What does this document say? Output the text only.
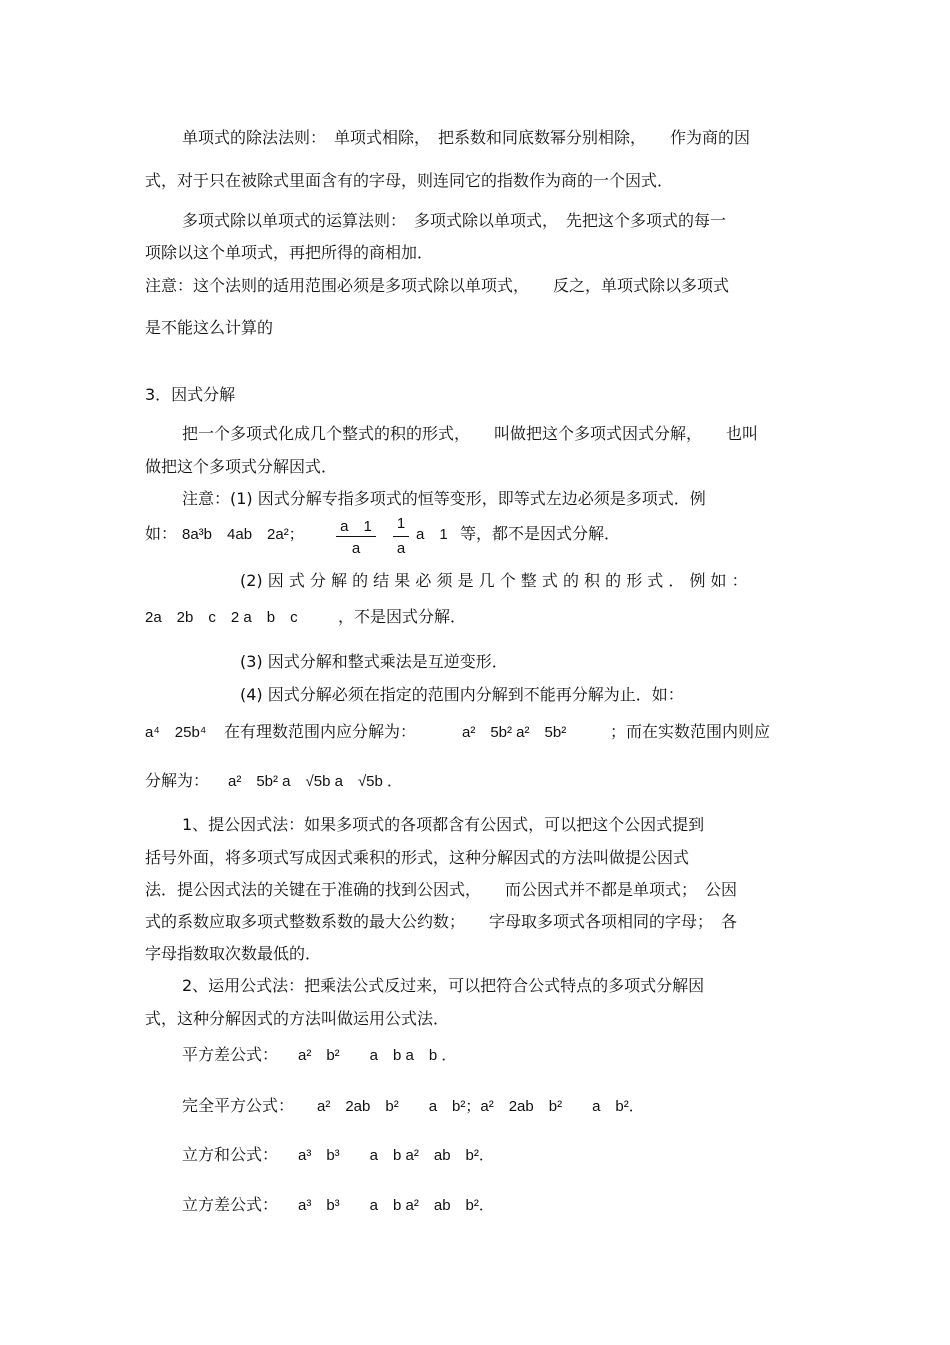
单项式的除法法则：　单项式相除，　把系数和同底数幂分别相除，　　作为商的因
式，对于只在被除式里面含有的字母，则连同它的指数作为商的一个因式．
多项式除以单项式的运算法则：　多项式除以单项式，　先把这个多项式的每一
项除以这个单项式，再把所得的商相加．
注意：这个法则的适用范围必须是多项式除以单项式，　　反之，单项式除以多项式
是不能这么计算的
3．因式分解
把一个多项式化成几个整式的积的形式，　　叫做把这个多项式因式分解，　　也叫
做把这个多项式分解因式．
注意：(1) 因式分解专指多项式的恒等变形，即等式左边必须是多项式．例
如： 8a³b　4ab　2a²； a　1
a
1
a
a　1 等，都不是因式分解．
(2) 因 式 分 解 的 结 果 必 须 是 几 个 整 式 的 积 的 形 式 ． 例 如 ：
2a　2b　c　2 a　b　c	，不是因式分解．
(3) 因式分解和整式乘法是互逆变形．
(4) 因式分解必须在指定的范围内分解到不能再分解为止．如：
a⁴　25b⁴ 在有理数范围内应分解为：	a²　5b² a²　5b²	；而在实数范围内则应
分解为： a²　5b² a　√5b a　√5b ．
1、提公因式法：如果多项式的各项都含有公因式，可以把这个公因式提到
括号外面，将多项式写成因式乘积的形式，这种分解因式的方法叫做提公因式
法．提公因式法的关键在于准确的找到公因式，　　而公因式并不都是单项式；　公因
式的系数应取多项式整数系数的最大公约数；　　字母取多项式各项相同的字母；　各
字母指数取次数最低的．
2、运用公式法：把乘法公式反过来，可以把符合公式特点的多项式分解因
式，这种分解因式的方法叫做运用公式法．
平方差公式： a²　b²　　a　b a　b ．
完全平方公式： a²　2ab　b²　　a　b²；a²　2ab　b²　　a　b²．
立方和公式： a³　b³　　a　b a²　ab　b²．
立方差公式： a³　b³　　a　b a²　ab　b²．
